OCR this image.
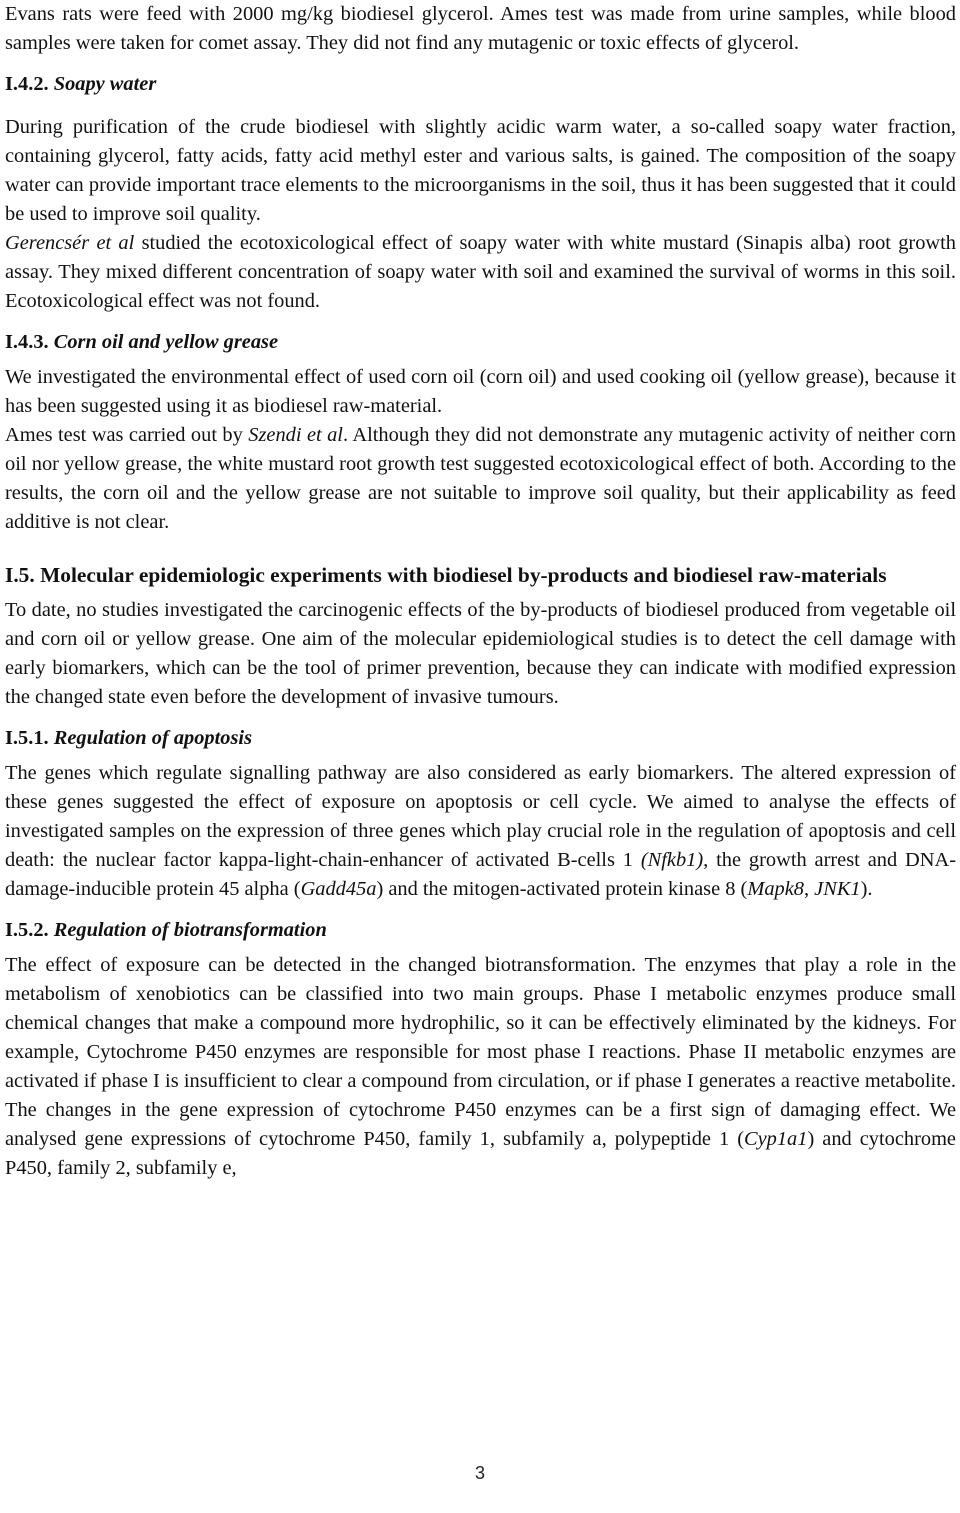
Evans rats were feed with 2000 mg/kg biodiesel glycerol. Ames test was made from urine samples, while blood samples were taken for comet assay. They did not find any mutagenic or toxic effects of glycerol.

I.4.2. Soapy water

During purification of the crude biodiesel with slightly acidic warm water, a so-called soapy water fraction, containing glycerol, fatty acids, fatty acid methyl ester and various salts, is gained. The composition of the soapy water can provide important trace elements to the microorganisms in the soil, thus it has been suggested that it could be used to improve soil quality.

Gerencsér et al studied the ecotoxicological effect of soapy water with white mustard (Sinapis alba) root growth assay. They mixed different concentration of soapy water with soil and examined the survival of worms in this soil. Ecotoxicological effect was not found.

I.4.3. Corn oil and yellow grease

We investigated the environmental effect of used corn oil (corn oil) and used cooking oil (yellow grease), because it has been suggested using it as biodiesel raw-material.

Ames test was carried out by Szendi et al. Although they did not demonstrate any mutagenic activity of neither corn oil nor yellow grease, the white mustard root growth test suggested ecotoxicological effect of both. According to the results, the corn oil and the yellow grease are not suitable to improve soil quality, but their applicability as feed additive is not clear.

I.5. Molecular epidemiologic experiments with biodiesel by-products and biodiesel raw-materials

To date, no studies investigated the carcinogenic effects of the by-products of biodiesel produced from vegetable oil and corn oil or yellow grease. One aim of the molecular epidemiological studies is to detect the cell damage with early biomarkers, which can be the tool of primer prevention, because they can indicate with modified expression the changed state even before the development of invasive tumours.

I.5.1. Regulation of apoptosis

The genes which regulate signalling pathway are also considered as early biomarkers. The altered expression of these genes suggested the effect of exposure on apoptosis or cell cycle. We aimed to analyse the effects of investigated samples on the expression of three genes which play crucial role in the regulation of apoptosis and cell death: the nuclear factor kappa-light-chain-enhancer of activated B-cells 1 (Nfkb1), the growth arrest and DNA-damage-inducible protein 45 alpha (Gadd45a) and the mitogen-activated protein kinase 8 (Mapk8, JNK1).

I.5.2. Regulation of biotransformation

The effect of exposure can be detected in the changed biotransformation. The enzymes that play a role in the metabolism of xenobiotics can be classified into two main groups. Phase I metabolic enzymes produce small chemical changes that make a compound more hydrophilic, so it can be effectively eliminated by the kidneys. For example, Cytochrome P450 enzymes are responsible for most phase I reactions. Phase II metabolic enzymes are activated if phase I is insufficient to clear a compound from circulation, or if phase I generates a reactive metabolite. The changes in the gene expression of cytochrome P450 enzymes can be a first sign of damaging effect. We analysed gene expressions of cytochrome P450, family 1, subfamily a, polypeptide 1 (Cyp1a1) and cytochrome P450, family 2, subfamily e,

3
